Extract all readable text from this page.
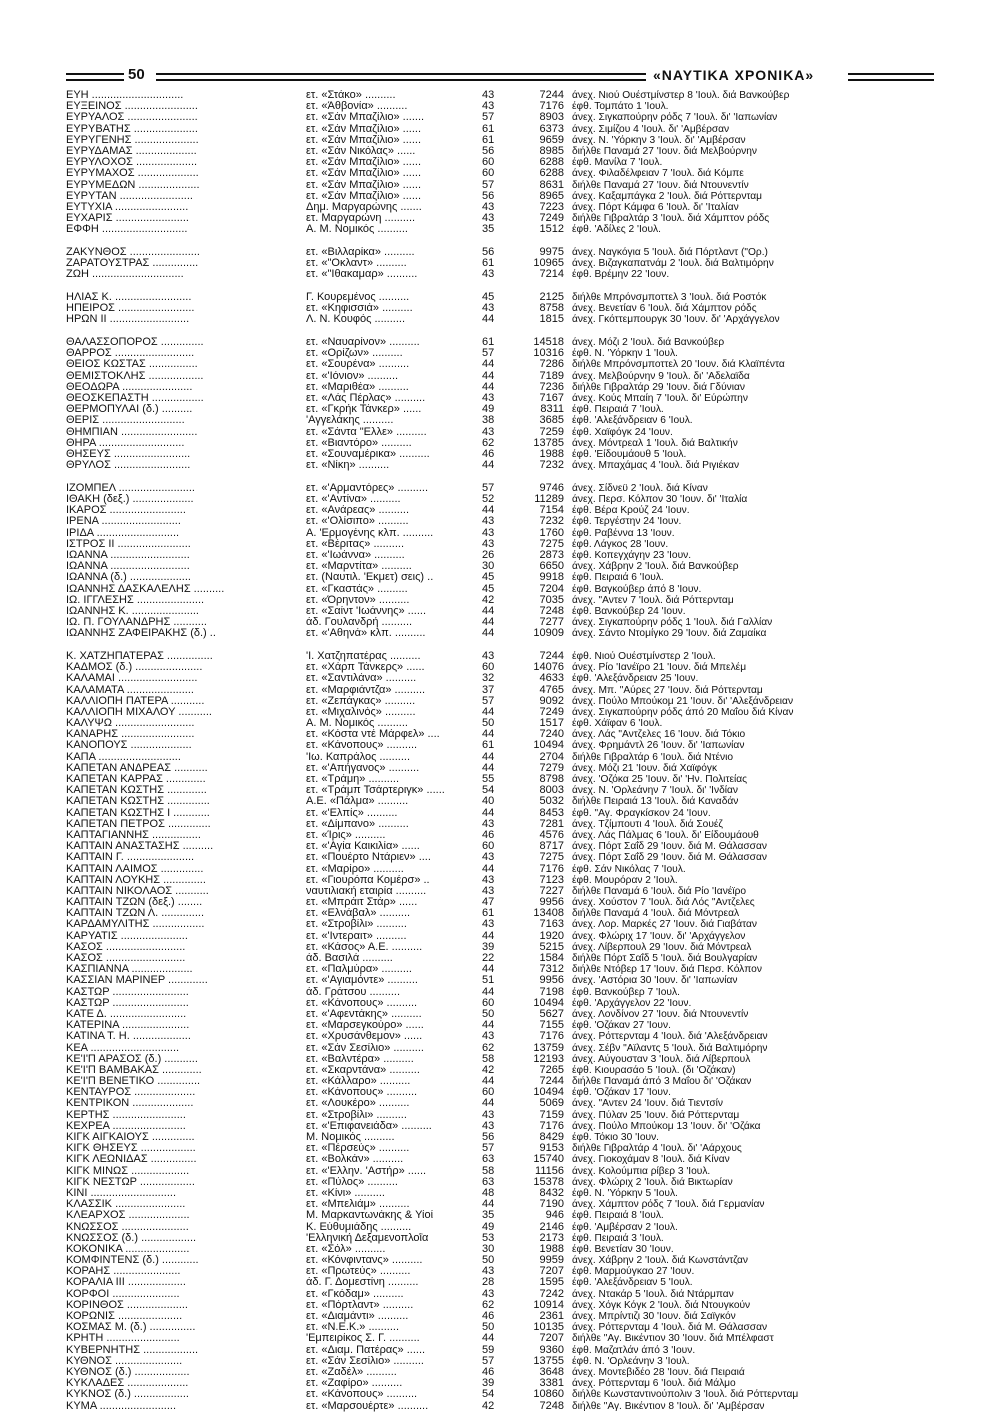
50	«ΝΑΥΤΙΚΑ ΧΡΟΝΙΚΑ»
ΕΥΗ ..............................	ετ. «Στάκο» ..........	43	7244 άνεχ. Νιού Ουέστμίνστερ 8 'Ιουλ. διά Βανκούβερ
ΕΥΞΕΙΝΟΣ ........................	ετ. «Άθβονία» ..........	43	7176 έφθ. Τομπάτο 1 'Ιουλ.
ΕΥΡΥΑΛΟΣ .......................	ετ. «Σάν Μπαζίλιο» .......	57	8903 άνεχ. Σιγκαπούρην ρόδς 7 'Ιουλ. δι' 'Ιαπωνίαν
ΕΥΡΥΒΑΤΗΣ .....................	ετ. «Σάν Μπαζίλιο» ......	61	6373 άνεχ. Σιμίζου 4 'Ιουλ. δι' 'Αμβέρσαν
ΕΥΡΥΓΕΝΗΣ .....................	ετ. «Σάν Μπαζίλιο» ......	61	9659 άνεχ. Ν. 'Υόρκην 3 'Ιουλ. δι' 'Αμβέρσαν
ΕΥΡΥΔΑΜΑΣ ....................	ετ. «Σάν Νικόλας» ......	56	8985 διήλθε Παναμά 27 'Ιουν. διά Μελβούρνην
ΕΥΡΥΛΟΧΟΣ ....................	ετ. «Σάν Μπαζίλιο» ......	60	6288 έφθ. Μανίλα 7 'Ιουλ.
ΕΥΡΥΜΑΧΟΣ ....................	ετ. «Σάν Μπαζίλιο» ......	60	6288 άνεχ. Φιλαδέλφειαν 7 'Ιουλ. διά Κόμπε
ΕΥΡΥΜΕΔΩΝ ....................	ετ. «Σάν Μπαζίλιο» ......	57	8631 διήλθε Παναμά 27 'Ιουν. διά Ντουνεντίν
ΕΥΡΥΤΑΝ ........................	ετ. «Σάν Μπαζίλιο» ......	56	8965 άνεχ. Καξαμπάγκα 2 'Ιουλ. διά Ρόττερνταμ
ΕΥΤΥΧΙΑ ........................	Δημ. Μαργαρώνης .......	43	7223 άνεχ. Πόρτ Κάμφα 6 'Ιουλ. δι' 'Ιταλίαν
ΕΥΧΑΡΙΣ ........................	ετ. Μαργαρώνη ..........	43	7249 διήλθε Γιβραλτάρ 3 'Ιουλ. διά Χάμπτον ρόδς
ΕΦΦΗ ............................	Α. Μ. Νομικός ..........	35	1512 έφθ. 'Αδίλες 2 'Ιουλ.
ΖΑΚΥΝΘΟΣ .......................	ετ. «Βιλλαρίκα» ..........	56	9975 άνεχ. Ναγκόγια 5 'Ιουλ. διά Πόρτλαντ ("Ορ.)
ΖΑΡΑΤΟΥΣΤΡΑΣ ...............	ετ. «"Οκλαντ» ..........	61	10965 άνεχ. Βιζαγκαπατνάμ 2 'Ιουλ. διά Βαλτιμόρην
ΖΩΗ ..............................	ετ. «"Ιθακαμαρ» ..........	43	7214 έφθ. Βρέμην 22 'Ιουν.
ΗΛΙΑΣ Κ. .........................	Γ. Κουρεμένος ..........	45	2125 διήλθε Μπρόνσμποττελ 3 'Ιουλ. διά Ροστόκ
ΗΠΕΙΡΟΣ .........................	ετ. «Κηφισσιά» ..........	43	8758 άνεχ. Βενετίαν 6 'Ιουλ. διά Χάμπτον ρόδς
ΗΡΩΝ ΙΙ ..........................	Λ. Ν. Κουφός ..........	44	1815 άνεχ. Γκόττεμπουργκ 30 'Ιουν. δι' 'Αρχάγγελον
ΘΑΛΑΣΣΟΠΟΡΟΣ ..............	ετ. «Ναυαρίνον» ..........	61	14518 άνεχ. Μόζι 2 'Ιουλ. διά Βανκούβερ
ΘΑΡΡΟΣ ..........................	ετ. «Ορίζων» ..........	57	10316 έφθ. Ν. 'Υόρκην 1 'Ιουλ.
ΘΕΙΟΣ ΚΩΣΤΑΣ ................	ετ. «Σουρένα» ..........	44	7286 διήλθε Μπρόνσμποττελ 20 'Ιουν. διά Κλαϊπέντα
ΘΕΜΙΣΤΟΚΛΗΣ ..................	ετ. «'Ιόνιον» ..........	44	7189 άνεχ. Μελβούρνην 9 'Ιουλ. δι' 'Αδελαϊδα
ΘΕΟΔΩΡΑ .......................	ετ. «Μαριθέα» ..........	44	7236 διήλθε Γιβραλτάρ 29 'Ιουν. διά Γδύνιαν
ΘΕΟΣΚΕΠΑΣΤΗ .................	ετ. «Λάς Πέρλας» ..........	43	7167 άνεχ. Κούς Μπαίη 7 'Ιουλ. δι' Εύρώπην
ΘΕΡΜΟΠΥΛΑΙ (δ.) ..........	ετ. «Γκρήκ Τάνκερ» ......	49	8311 έφθ. Πειραιά 7 'Ιουλ.
ΘΕΡΙΣ ...........................	'Αγγελάκης ..........	38	3685 έφθ. 'Αλεξάνδρειαν 6 'Ιουλ.
ΘΗΜΠΙΑΝ .........................	ετ. «Σάντα "Ελλε» ..........	43	7259 έφθ. Χαϊφόγκ 24 'Ιουν.
ΘΗΡΑ ............................	ετ. «Βιαντόρο» ..........	62	13785 άνεχ. Μόντρεαλ 1 'Ιουλ. διά Βαλτικήν
ΘΗΣΕΥΣ .........................	ετ. «Σουναμέρικα» ..........	46	1988 έφθ. 'Είδουμάουθ 5 'Ιουλ.
ΘΡΥΛΟΣ .........................	ετ. «Νίκη» ..........	44	7232 άνεχ. Μπαχάμας 4 'Ιουλ. διά Ριγιέκαν
ΙΖΟΜΠΕΛ .........................	ετ. «'Αρμαντόρες» ..........	57	9746 άνεχ. Σίδνεϋ 2 'Ιουλ. διά Κίναν
ΙΘΑΚΗ (δεξ.) ....................	ετ. «'Αντίνα» ..........	52	11289 άνεχ. Περσ. Κόλπον 30 'Ιουν. δι' 'Ιταλία
ΙΚΑΡΟΣ .........................	ετ. «Ανάρεας» ..........	44	7154 έφθ. Βέρα Κρούζ 24 'Ιουν.
ΙΡΕΝΑ ..........................	ετ. «'Ολίσιπο» ..........	43	7232 έφθ. Τεργέστην 24 'Ιουν.
ΙΡΙΔΑ ...........................	Α. 'Ερμογένης κλπ. ..........	43	1760 έφθ. Ραβέννα 13 'Ιουν.
ΙΣΤΡΟΣ ΙΙ ........................	ετ. «Βέριτας» ..........	43	7275 έφθ. Λάγκος 28 'Ιουν.
ΙΩΑΝΝΑ ..........................	ετ. «'Ιωάννα» ..........	26	2873 έφθ. Κοπεγχάγην 23 'Ιουν.
ΙΩΑΝΝΑ ..........................	ετ. «Μαρντίτα» ..........	30	6650 άνεχ. Χάβρην 2 'Ιουλ. διά Βανκούβερ
ΙΩΑΝΝΑ (δ.) ....................	ετ. (Ναυτιλ. 'Εκμετ) σεις) ..	45	9918 έφθ. Πειραιά 6 'Ιουλ.
ΙΩΑΝΝΗΣ ΔΑΣΚΑΛΕΛΗΣ ..........	ετ. «Γκαστάς» ..........	45	7204 έφθ. Βαγκούβερ άπό 8 'Ιουν.
ΙΩ. ΙΓΓΛΕΣΗΣ ......................	ετ. «Όρηντον» ..........	42	7035 άνεχ. "Αντεν 7 'Ιουλ. διά Ρόττερνταμ
ΙΩΑΝΝΗΣ Κ. ......................	ετ. «Σαίντ 'Ιωάννης» ......	44	7248 έφθ. Βανκούβερ 24 'Ιουν.
ΙΩ. Π. ΓΟΥΛΑΝΔΡΗΣ ...........	άδ. Γουλανδρή ..........	44	7277 άνεχ. Σιγκαπούρην ρόδς 1 'Ιουλ. διά Γαλλίαν
ΙΩΑΝΝΗΣ ΖΑΦΕΙΡΑΚΗΣ (δ.) ..	ετ. «'Αθηνά» κλπ. ..........	44	10909 άνεχ. Σάντο Ντομίγκο 29 'Ιουν. διά Ζαμαίκα
Κ. ΧΑΤΖΗΠΑΤΕΡΑΣ ...............	'Ι. Χατζηπατέρας ..........	43	7244 έφθ. Νιού Ουέστμίνστερ 2 'Ιουλ.
ΚΑΔΜΟΣ (δ.) ......................	ετ. «Χάρπ Τάνκερς» ......	60	14076 άνεχ. Ρίο 'Ιανέϊρο 21 'Ιουν. διά Μπελέμ
ΚΑΛΑΜΑΙ ..........................	ετ. «Σαντιλάνα» ..........	32	4633 έφθ. 'Αλεξάνδρειαν 25 'Ιουν.
ΚΑΛΑΜΑΤΑ ......................	ετ. «Μαρφιάντζα» ..........	37	4765 άνεχ. Μπ. "Αύρες 27 'Ιουν. διά Ρόττερνταμ
ΚΑΛΛΙΟΠΗ ΠΑΤΕΡΑ ...........	ετ. «Ζεπάγκας» ..........	57	9092 άνεχ. Πούλο Μπούκομ 21 'Ιουν. δι' 'Αλεξάνδρειαν
ΚΑΛΛΙΟΠΗ ΜΙΧΑΛΟΥ ...........	ετ. «Μιχαλινός» ..........	44	7249 άνεχ. Σιγκαπούρην ρόδς άπό 20 Μαΐου διά Κίναν
ΚΑΛΥΨΩ ..........................	Α. Μ. Νομικός ..........	50	1517 έφθ. Χάϊφαν 6 'Ιουλ.
ΚΑΝΑΡΗΣ ........................	ετ. «Κόστα ντέ Μάρφελ» ....	44	7240 άνεχ. Λάς "Αντζελες 16 'Ιουν. διά Τόκιο
ΚΑΝΟΠΟΥΣ ....................	ετ. «Κάνοπους» ..........	61	10494 άνεχ. Φρημάντλ 26 'Ιουν. δι' 'Ιαπωνίαν
ΚΑΠΑ ...........................	'Ιω. Καπράλος ..........	44	2704 διήλθε Γιβραλτάρ 6 'Ιουλ. διά Ντένιο
ΚΑΠΕΤΑΝ ΑΝΔΡΕΑΣ ...........	ετ. «'Απήγανος» ..........	44	7279 άνεχ. Μόζι 21 'Ιουν. διά Χαϊφόγκ
ΚΑΠΕΤΑΝ ΚΑΡΡΑΣ .............	ετ. «Τράμη» ..........	55	8798 άνεχ. 'Οζόκα 25 'Ιουν. δι' 'Ην. Πολιτείας
ΚΑΠΕΤΑΝ ΚΩΣΤΗΣ .............	ετ. «Τράμπ Τσάρτεριγκ» ......	54	8003 άνεχ. Ν. 'Ορλεάνην 7 'Ιουλ. δι' 'Ινδίαν
ΚΑΠΕΤΑΝ ΚΩΣΤΗΣ ..............	Α.Ε. «Πάλμα» ..........	40	5032 διήλθε Πειραιά 13 'Ιουλ. διά Καναδάν
ΚΑΠΕΤΑΝ ΚΩΣΤΗΣ Ι ............	ετ. «'Ελπίς» ..........	44	8453 έφθ. "Αγ. Φραγκίσκον 24 'Ιουν.
ΚΑΠΕΤΑΝ ΠΕΤΡΟΣ ..............	ετ. «Δίμπανο» ..........	43	7281 άνεχ. Τζίμπουτι 4 'Ιουλ. διά Σουέζ
ΚΑΠΤΑΓΙΑΝΝΗΣ ................	ετ. «Ίρις» ..........	46	4576 άνεχ. Λάς Πάλμας 6 'Ιουλ. δι' Είδουμάουθ
ΚΑΠΤΑΙΝ ΑΝΑΣΤΑΣΗΣ ..........	ετ. «'Αγία Καικιλία» ......	60	8717 άνεχ. Πόρτ Σαΐδ 29 'Ιουν. διά Μ. Θάλασσαν
ΚΑΠΤΑΙΝ Γ. ......................	ετ. «Πουέρτο Ντάριεν» ....	43	7275 άνεχ. Πόρτ Σαΐδ 29 'Ιουν. διά Μ. Θάλασσαν
ΚΑΠΤΑΙΝ ΛΑΙΜΟΣ ..............	ετ. «Μαρίρο» ..........	44	7176 έφθ. Σάν Νικόλας 7 'Ιουλ.
ΚΑΠΤΑΙΝ ΛΟΥΚΗΣ ..............	ετ. «Γιουρόπα Κομέρσ» ..	43	7123 έφθ. Μουρόραν 2 'Ιουλ.
ΚΑΠΤΑΙΝ ΝΙΚΟΛΑΟΣ ...........	ναυτιλιακή εταιρία ..........	43	7227 διήλθε Παναμά 6 'Ιουλ. διά Ρίο 'Ιανέϊρο
ΚΑΠΤΑΙΝ ΤΖΩΝ (δεξ.) ........	ετ. «Μπράιτ Στάρ» ......	47	9956 άνεχ. Χούστον 7 'Ιουλ. διά Λός "Αντζελες
ΚΑΠΤΑΙΝ ΤΖΩΝ Λ. ..............	ετ. «Ελνάβαλ» ..........	61	13408 διήλθε Παναμά 4 'Ιουλ. διά Μόντρεαλ
ΚΑΡΔΑΜΥΛΙΤΗΣ .................	ετ. «Στροβίλι» ..........	43	7163 άνεχ. Λορ. Μαρκές 27 'Ιουν. διά Γιαβάταν
ΚΑΡΥΑΤΙΣ ......................	ετ. «'Ιντεραιτ» ..........	44	1920 άνεχ. Φλώριχ 17 'Ιουν. δι' 'Αρχάγγελον
ΚΑΣΟΣ ..........................	ετ. «Κάσος» Α.Ε. ..........	39	5215 άνεχ. Λίβερπουλ 29 'Ιουν. διά Μόντρεαλ
ΚΑΣΟΣ ..........................	άδ. Βασιλά ..........	22	1584 διήλθε Πόρτ Σαΐδ 5 'Ιουλ. διά Βουλγαρίαν
ΚΑΣΠΙΑΝΝΑ ....................	ετ. «Παλμύρα» ..........	44	7312 διήλθε Ντόβερ 17 'Ιουν. διά Περσ. Κόλπον
ΚΑΣΣΙΑΝ ΜΑΡΙΝΕΡ .............	ετ. «'Αγιαμόντε» ..........	51	9956 άνεχ. 'Αστόρια 30 'Ιουν. δι' 'Ιαπωνίαν
ΚΑΣΤΩΡ .........................	άδ. Γράτσου ..........	44	7198 έφθ. Βανκούβερ 7 'Ιουλ.
ΚΑΣΤΩΡ .........................	ετ. «Κάνοπους» ..........	60	10494 έφθ. 'Αρχάγγελον 22 'Ιουν.
ΚΑΤΕ Δ. .........................	ετ. «'Αφεντάκης» ..........	50	5627 άνεχ. Λονδίνον 27 'Ιουν. διά Ντουνεντίν
ΚΑΤΕΡΙΝΑ ......................	ετ. «Μαρσεγκούρο» ......	44	7155 έφθ. 'Οζάκαν 27 'Ιουν.
ΚΑΤΙΝΑ Τ. Η. ...................	ετ. «Χρυσάνθεμον» ......	43	7176 άνεχ. Ρόττερνταμ 4 'Ιουλ. διά 'Αλεξάνδρειαν
ΚΕΑ .............................	ετ. «Σάν Σεσίλιο» ..........	62	13759 άνεχ. Σέβν "Αϊλαντς 5 'Ιουλ. διά Βαλτιμόρην
ΚΕ'Ι'Π ΑΡΑΣΟΣ (δ.) ...........	ετ. «Βαλντέρα» ..........	58	12193 άνεχ. Αύγουσταν 3 'Ιουλ. διά Λίβερπουλ
ΚΕ'Ι'Π ΒΑΜΒΑΚΑΣ .............	ετ. «Σκαρντάνα» ..........	42	7265 έφθ. Κιουρασάο 5 'Ιουλ. (δι 'Οζάκαν)
ΚΕ'Ι'Π ΒΕΝΕΤΙΚΟ ..............	ετ. «Κάλλαρο» ..........	44	7244 διήλθε Παναμά άπό 3 Μαΐου δι' 'Οζάκαν
ΚΕΝΤΑΥΡΟΣ ....................	ετ. «Κάνοπους» ..........	60	10494 έφθ. 'Οζάκαν 17 'Ιουν.
ΚΕΝΤΡΙΚΟΝ ....................	ετ. «Λουκέρο» ..........	44	5069 άνεχ. "Αντεν 24 'Ιουν. διά Τιεντσίν
ΚΕΡΤΗΣ ........................	ετ. «Στροβίλι» ..........	43	7159 άνεχ. Πύλαν 25 'Ιουν. διά Ρόττερνταμ
ΚΕΧΡΕΑ ........................	ετ. «'Επιφανειάδα» ..........	43	7176 άνεχ. Πούλο Μπούκομ 13 'Ιουν. δι' 'Οζάκα
ΚΙΓΚ ΑΙΓΚΑΙΟΥΣ ..............	Μ. Νομικός ..........	56	8429 έφθ. Τόκιο 30 'Ιουν.
ΚΙΓΚ ΘΗΣΕΥΣ ..................	ετ. «Πέρσεύς» ..........	57	9153 διήλθε Γιβραλτάρ 4 'Ιουλ. δι' 'Αάρχους
ΚΙΓΚ ΛΕΩΝΙΔΑΣ ...............	ετ. «Βολκάν» ..........	63	15740 άνεχ. Γιοκοχάμαν 8 'Ιουλ. διά Κίναν
ΚΙΓΚ ΜΙΝΩΣ ...................	ετ. «'Ελλην. 'Αστήρ» ......	58	11156 άνεχ. Κολούμπια ρίβερ 3 'Ιουλ.
ΚΙΓΚ ΝΕΣΤΩΡ ..................	ετ. «Πύλος» ..........	63	15378 άνεχ. Φλώριχ 2 'Ιουλ. διά Βικτωρίαν
ΚΙΝΙ ............................	ετ. «Κίνι» ..........	48	8432 έφθ. Ν. 'Υόρκην 5 'Ιουλ.
ΚΛΑΣΣΙΚ .......................	ετ. «Μπελιάμ» ..........	44	7190 άνεχ. Χάμπτον ρόδς 7 'Ιουλ. διά Γερμανίαν
ΚΛΕΑΡΧΟΣ ....................	Μ. Μαρκαντωνάκης & Υίοί	35	946 έφθ. Πειραιά 8 'Ιουλ.
ΚΝΩΣΣΟΣ ......................	Κ. Εύθυμιάδης ..........	49	2146 έφθ. 'Αμβέρσαν 2 'Ιουλ.
ΚΝΩΣΣΟΣ (δ.) ..................	'Ελληνική Δεξαμενοπλοΐα	53	2173 έφθ. Πειραιά 3 'Ιουλ.
ΚΟΚΟΝΙΚΑ .....................	ετ. «Σόλ» ..........	30	1988 έφθ. Βενετίαν 30 'Ιουν.
ΚΟΜΦΙΝΤΕΝΣ (δ.) ............	ετ. «Κόνφιντανς» ..........	50	9959 άνεχ. Χάβρην 2 'Ιουλ. διά Κωνστάντζαν
ΚΟΡΑΗΣ ......................	ετ. «Πρωτεύς» ..........	43	7207 έφθ. Μαρμούγκαο 27 'Ιουν.
ΚΟΡΑΛΙΑ ΙΙΙ ...................	άδ. Γ. Δομεστίνη ..........	28	1595 έφθ. 'Αλεξάνδρειαν 5 'Ιουλ.
ΚΟΡΦΟΙ ......................	ετ. «Γκόδαμ» ..........	43	7242 άνεχ. Ντακάρ 5 'Ιουλ. διά Ντάρμπαν
ΚΟΡΙΝΘΟΣ ....................	ετ. «Πόρτλαντ» ..........	62	10914 άνεχ. Χόγκ Κόγκ 2 'Ιουλ. διά Ντουγκούν
ΚΟΡΩΝΙΣ .....................	ετ. «Διαμάντι» ..........	46	2361 άνεχ. Μπρίντιζι 30 'Ιουν. διά Σαϊγκόν
ΚΟΣΜΑΣ Μ. (δ.) ...............	ετ. «Ν.Ε.Κ.» ..........	50	10135 άνεχ. Ρόττερνταμ 4 'Ιουλ. διά Μ. Θάλασσαν
ΚΡΗΤΗ ........................	'Εμπειρίκος Σ. Γ. ..........	44	7207 διήλθε "Αγ. Βικέντιον 30 'Ιουν. διά Μπέλφαστ
ΚΥΒΕΡΝΗΤΗΣ ..................	ετ. «Διαμ. Πατέρας» ......	59	9360 έφθ. Μαζατλάν άπό 3 'Ιουν.
ΚΥΘΝΟΣ ......................	ετ. «Σάν Σεσίλιο» ..........	57	13755 έφθ. Ν. 'Ορλεάνην 3 'Ιουλ.
ΚΥΘΝΟΣ (δ.) ..................	ετ. «Ζαδέλ» ..........	46	3648 άνεχ. Μοντεβιδέο 28 'Ιουν. διά Πειραιά
ΚΥΚΛΑΔΕΣ ....................	ετ. «Ζαφίρο» ..........	39	3381 άνεχ. Ρόττερνταμ 6 'Ιουλ. διά Μάλμο
ΚΥΚΝΟΣ (δ.) ..................	ετ. «Κάνοπους» ..........	54	10860 διήλθε Κωνσταντινούπολιν 3 'Ιουλ. διά Ρόττερνταμ
ΚΥΜΑ .........................	ετ. «Μαρσουέρτε» ..........	42	7248 διήλθε "Αγ. Βικέντιον 8 'Ιουλ. δι' 'Αμβέρσαν
